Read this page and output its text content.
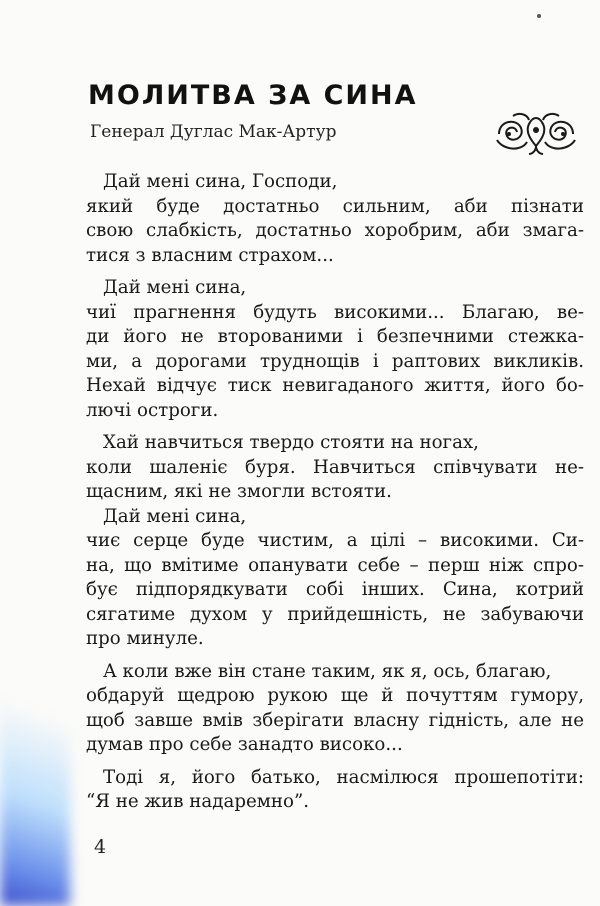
МОЛИТВА ЗА СИНА
Генерал Дуглас Мак-Артур
Дай мені сина, Господи,
який буде достатньо сильним, аби пізнати
свою слабкість, достатньо хоробрим, аби змага-
тися з власним страхом...
Дай мені сина,
чиї прагнення будуть високими... Благаю, ве-
ди його не второваними і безпечними стежка-
ми, а дорогами труднощів і раптових викликів.
Нехай відчує тиск невигаданого життя, його бо-
лючі остроги.
Хай навчиться твердо стояти на ногах,
коли шаленіє буря. Навчиться співчувати не-
щасним, які не змогли встояти.
Дай мені сина,
чиє серце буде чистим, а цілі – високими. Си-
на, що вмітиме опанувати себе – перш ніж спро-
бує підпорядкувати собі інших. Сина, котрий
сягатиме духом у прийдешність, не забуваючи
про минуле.
А коли вже він стане таким, як я, ось, благаю,
обдаруй щедрою рукою ще й почуттям гумору,
щоб завше вмів зберігати власну гідність, але не
думав про себе занадто високо...
Тоді я, його батько, насмілюся прошепотіти:
“Я не жив надаремно”.
4
